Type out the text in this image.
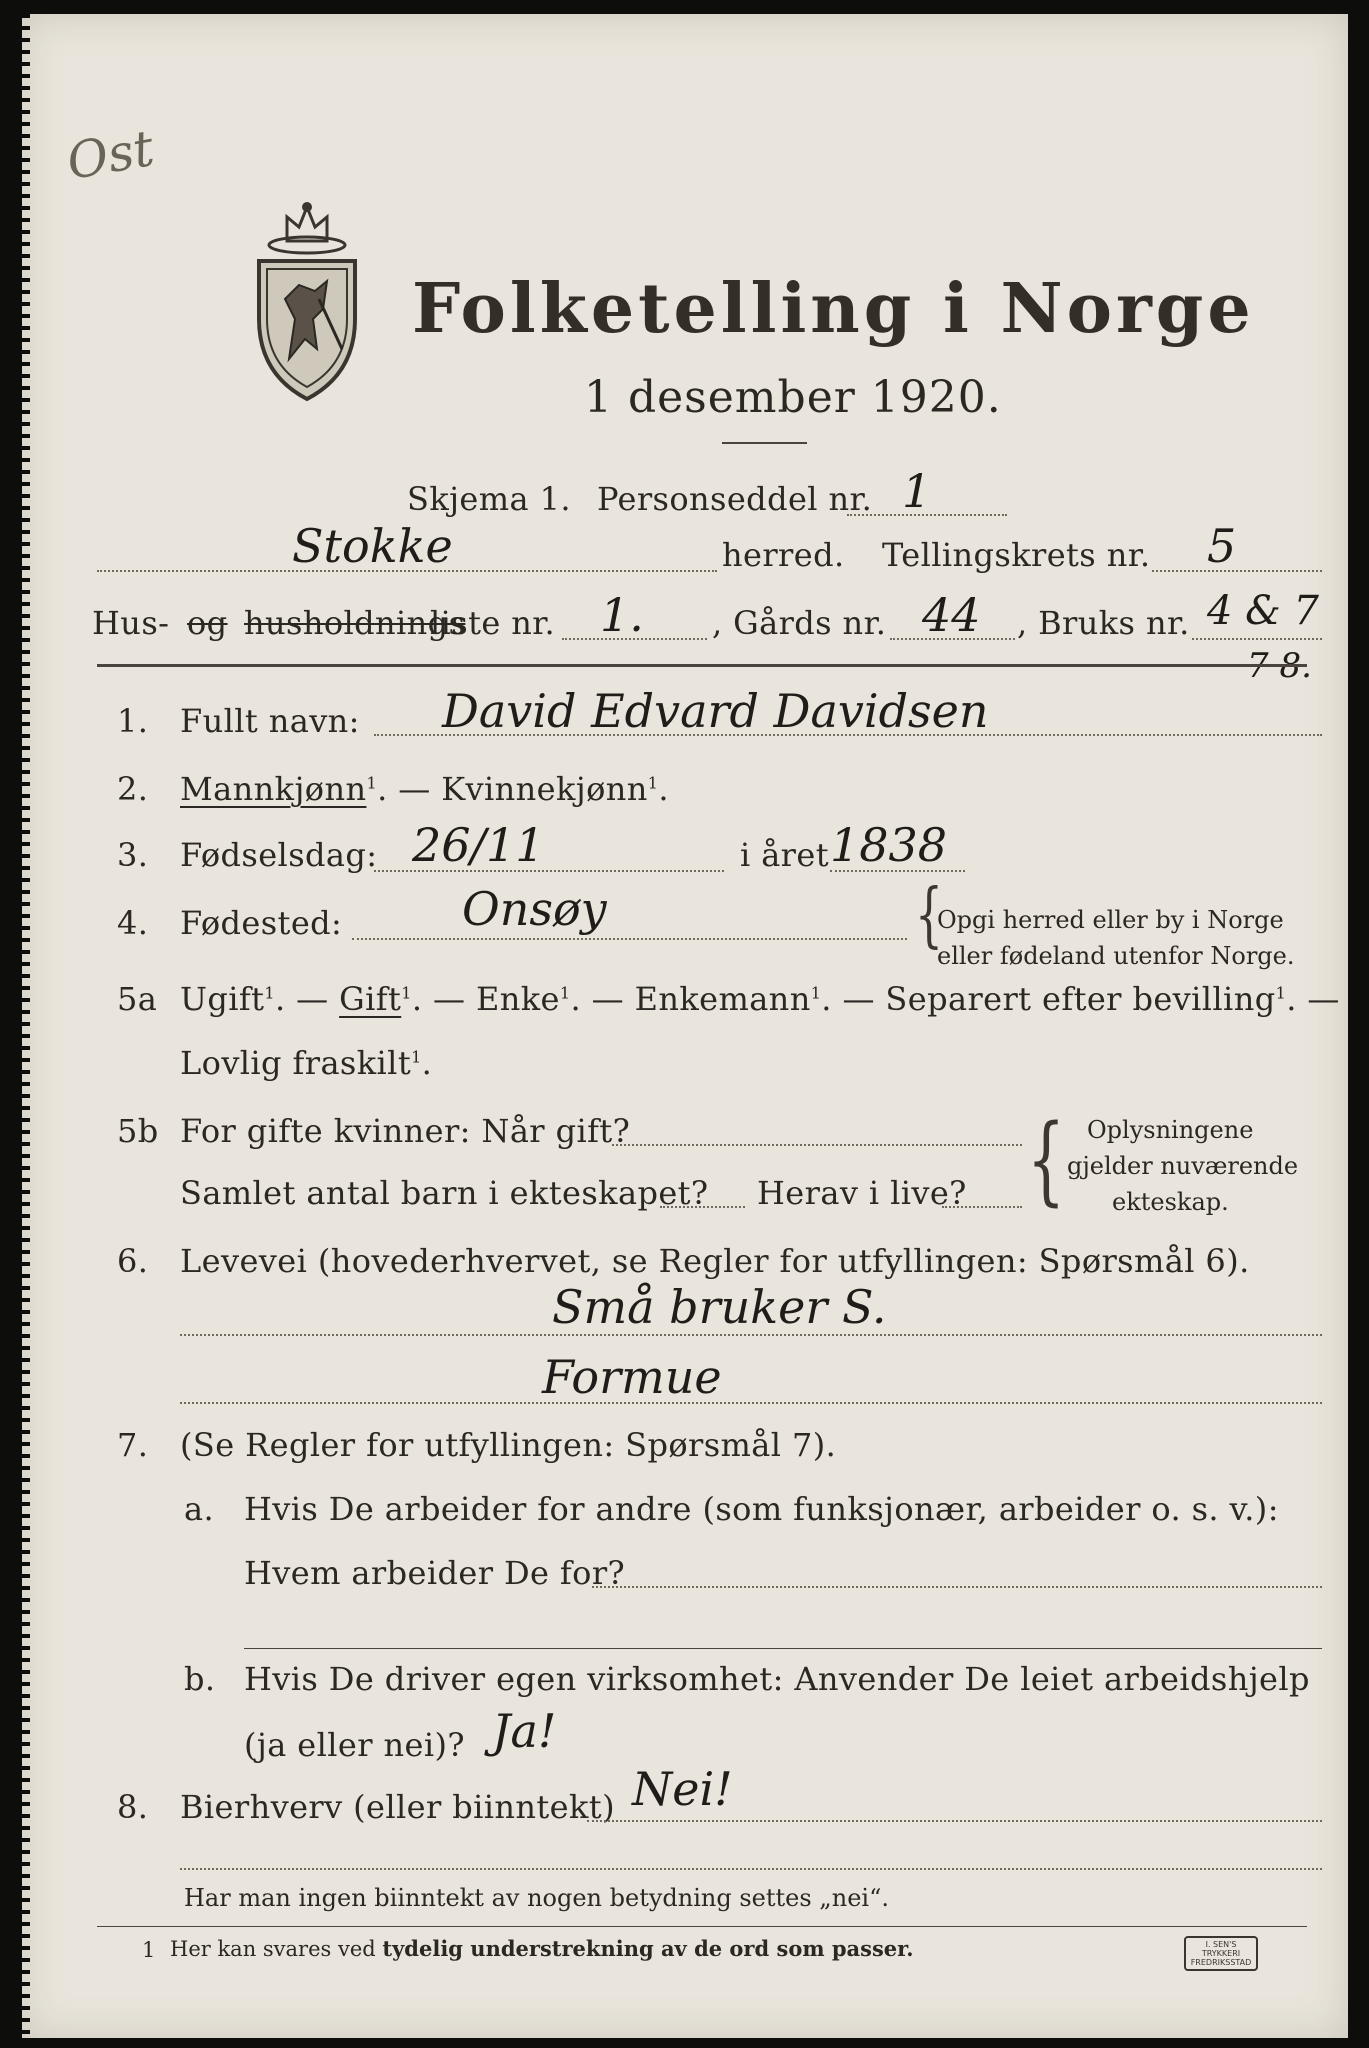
Ost
Folketelling i Norge
1 desember 1920.
Skjema 1. Personseddel nr. 1
Stokke	herred. Tellingskrets nr. 5
Hus- og husholdnings
liste nr. 1. , Gårds nr. 44 , Bruks nr. 4 & 7
7 8.
1. Fullt navn: David Edvard Davidsen
2. Mannkjønn$^1$. — Kvinnekjønn$^1$.
3. Fødselsdag: 26/11	i året 1838
4. Fødested:	Onsøy	{
Opgi herred eller by i Norge
eller fødeland utenfor Norge.
5a Ugift$^1$. — Gift$^1$. — Enke$^1$. — Enkemann$^1$. — Separert efter bevilling$^1$. —
Lovlig fraskilt$^1$.
5b For gifte kvinner: Når gift?
Samlet antal barn i ekteskapet? Herav i live? { Oplysningene
gjelder nuværende
ekteskap.
6. Levevei (hovederhvervet, se Regler for utfyllingen: Spørsmål 6).
Små bruker S.
Formue
7. (Se Regler for utfyllingen: Spørsmål 7).
a. Hvis De arbeider for andre (som funksjonær, arbeider o. s. v.):
Hvem arbeider De for?
b. Hvis De driver egen virksomhet: Anvender De leiet arbeidshjelp
(ja eller nei)? Ja!
8. Bierhverv (eller biinntekt) Nei!
Har man ingen biinntekt av nogen betydning settes „nei“.
1 Her kan svares ved tydelig understrekning av de ord som passer.	I. SEN'S TRYKKERI FREDRIKSSTAD
